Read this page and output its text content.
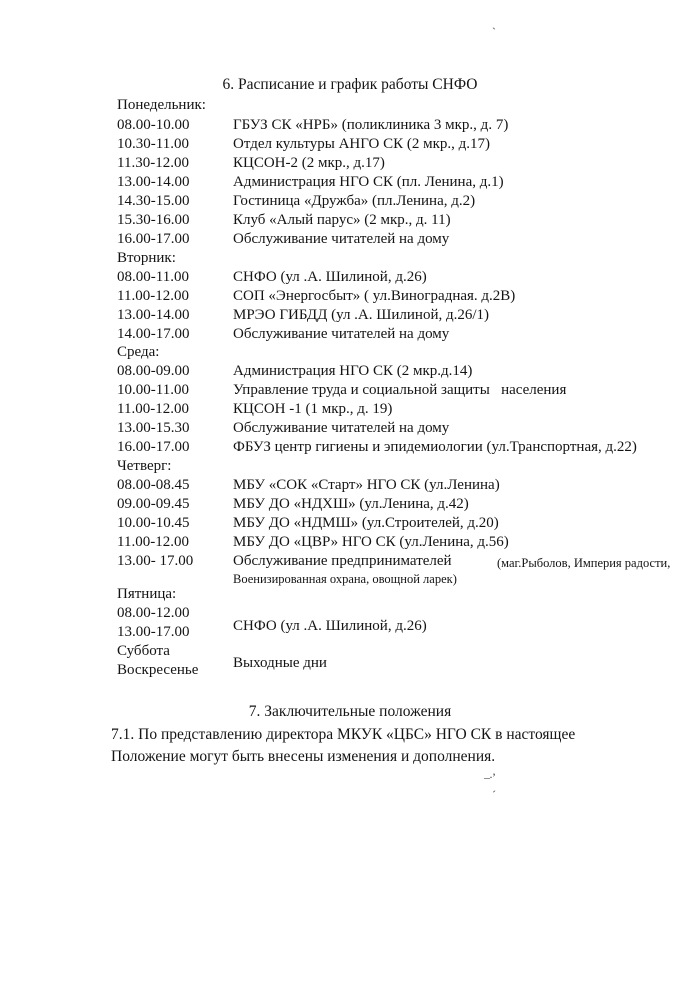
6. Расписание и график работы СНФО
Понедельник:
08.00-10.00	ГБУЗ СК «НРБ» (поликлиника 3 мкр., д. 7)
10.30-11.00	Отдел культуры АНГО СК (2 мкр., д.17)
11.30-12.00	КЦСОН-2 (2 мкр., д.17)
13.00-14.00	Администрация НГО СК (пл. Ленина, д.1)
14.30-15.00	Гостиница «Дружба» (пл.Ленина, д.2)
15.30-16.00	Клуб «Алый парус» (2 мкр., д. 11)
16.00-17.00	Обслуживание читателей на дому
Вторник:
08.00-11.00	СНФО (ул .А. Шилиной, д.26)
11.00-12.00	СОП «Энергосбыт» ( ул.Виноградная. д.2В)
13.00-14.00	МРЭО ГИБДД (ул .А. Шилиной, д.26/1)
14.00-17.00	Обслуживание читателей на дому
Среда:
08.00-09.00	Администрация НГО СК (2 мкр.д.14)
10.00-11.00	Управление труда и социальной защиты   населения
11.00-12.00	КЦСОН -1 (1 мкр., д. 19)
13.00-15.30	Обслуживание читателей на дому
16.00-17.00	ФБУЗ центр гигиены и эпидемиологии (ул.Транспортная, д.22)
Четверг:
08.00-08.45	МБУ «СОК «Старт» НГО СК (ул.Ленина)
09.00-09.45	МБУ ДО «НДХШ» (ул.Ленина, д.42)
10.00-10.45	МБУ ДО «НДМШ» (ул.Строителей, д.20)
11.00-12.00	МБУ ДО «ЦВР» НГО СК (ул.Ленина, д.56)
13.00- 17.00	Обслуживание предпринимателей	(маг.Рыболов, Империя радости,
Военизированная охрана, овощной ларек)
Пятница:
08.00-12.00
13.00-17.00	СНФО (ул .А. Шилиной, д.26)
Суббота
Воскресенье Выходные дни
7. Заключительные положения
7.1. По представлению директора МКУК «ЦБС» НГО СК в настоящее
Положение могут быть внесены изменения и дополнения.
ˏ
–·’
ˊ
